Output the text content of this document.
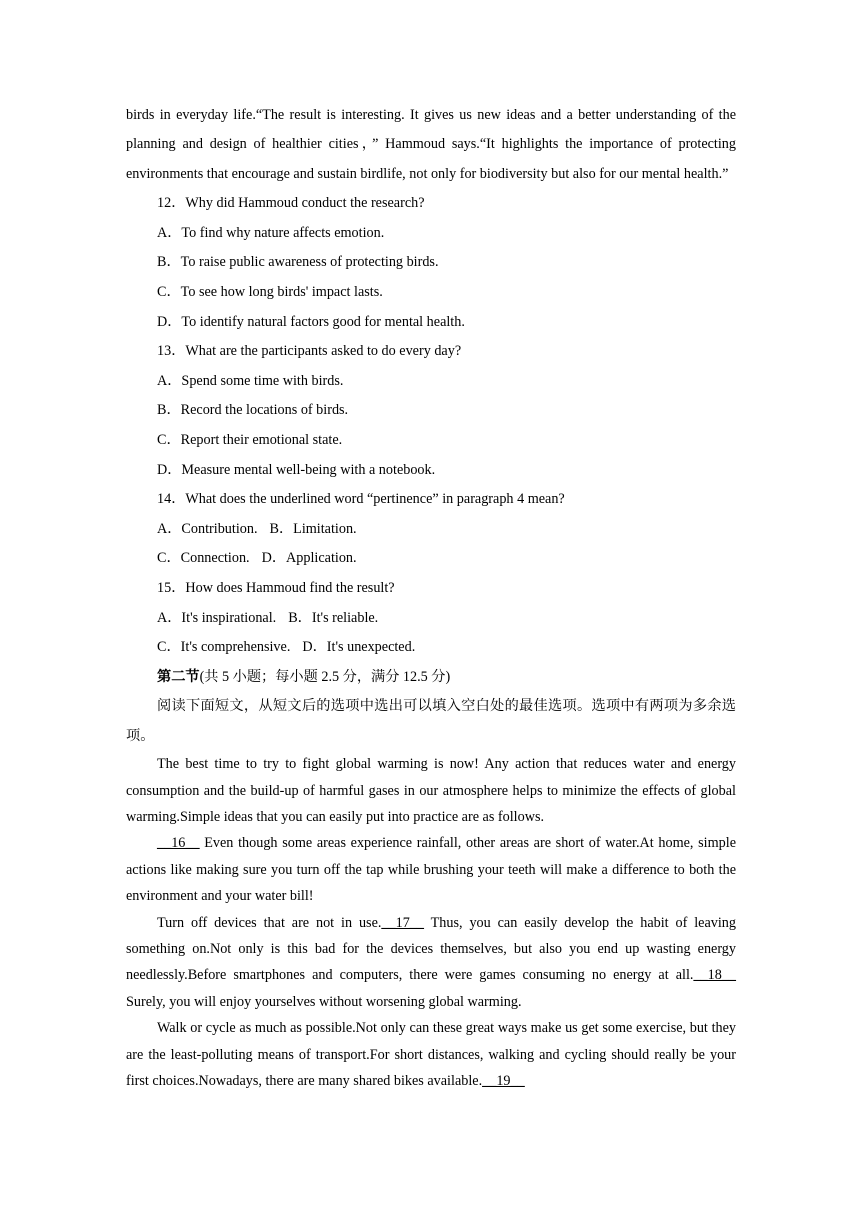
birds in everyday life.“The result is interesting. It gives us new ideas and a better understanding of the planning and design of healthier cities，” Hammoud says.“It highlights the importance of protecting environments that encourage and sustain birdlife, not only for biodiversity but also for our mental health.”

12．Why did Hammoud conduct the research?

A．To find why nature affects emotion.

B．To raise public awareness of protecting birds.

C．To see how long birds' impact lasts.

D．To identify natural factors good for mental health.

13．What are the participants asked to do every day?

A．Spend some time with birds.

B．Record the locations of birds.

C．Report their emotional state.

D．Measure mental well-being with a notebook.

14．What does the underlined word “pertinence” in paragraph 4 mean?

A．Contribution. B．Limitation.

C．Connection. D．Application.

15．How does Hammoud find the result?

A．It's inspirational. B．It's reliable.

C．It's comprehensive. D．It's unexpected.

第二节(共 5 小题；每小题 2.5 分，满分 12.5 分)

阅读下面短文，从短文后的选项中选出可以填入空白处的最佳选项。选项中有两项为多余选项。

The best time to try to fight global warming is now! Any action that reduces water and energy consumption and the build-up of harmful gases in our atmosphere helps to minimize the effects of global warming.Simple ideas that you can easily put into practice are as follows.

__16__ Even though some areas experience rainfall, other areas are short of water.At home, simple actions like making sure you turn off the tap while brushing your teeth will make a difference to both the environment and your water bill!

Turn off devices that are not in use.__17__ Thus, you can easily develop the habit of leaving something on.Not only is this bad for the devices themselves, but also you end up wasting energy needlessly.Before smartphones and computers, there were games consuming no energy at all.__18__ Surely, you will enjoy yourselves without worsening global warming.

Walk or cycle as much as possible.Not only can these great ways make us get some exercise, but they are the least-polluting means of transport.For short distances, walking and cycling should really be your first choices.Nowadays, there are many shared bikes available.__19__
